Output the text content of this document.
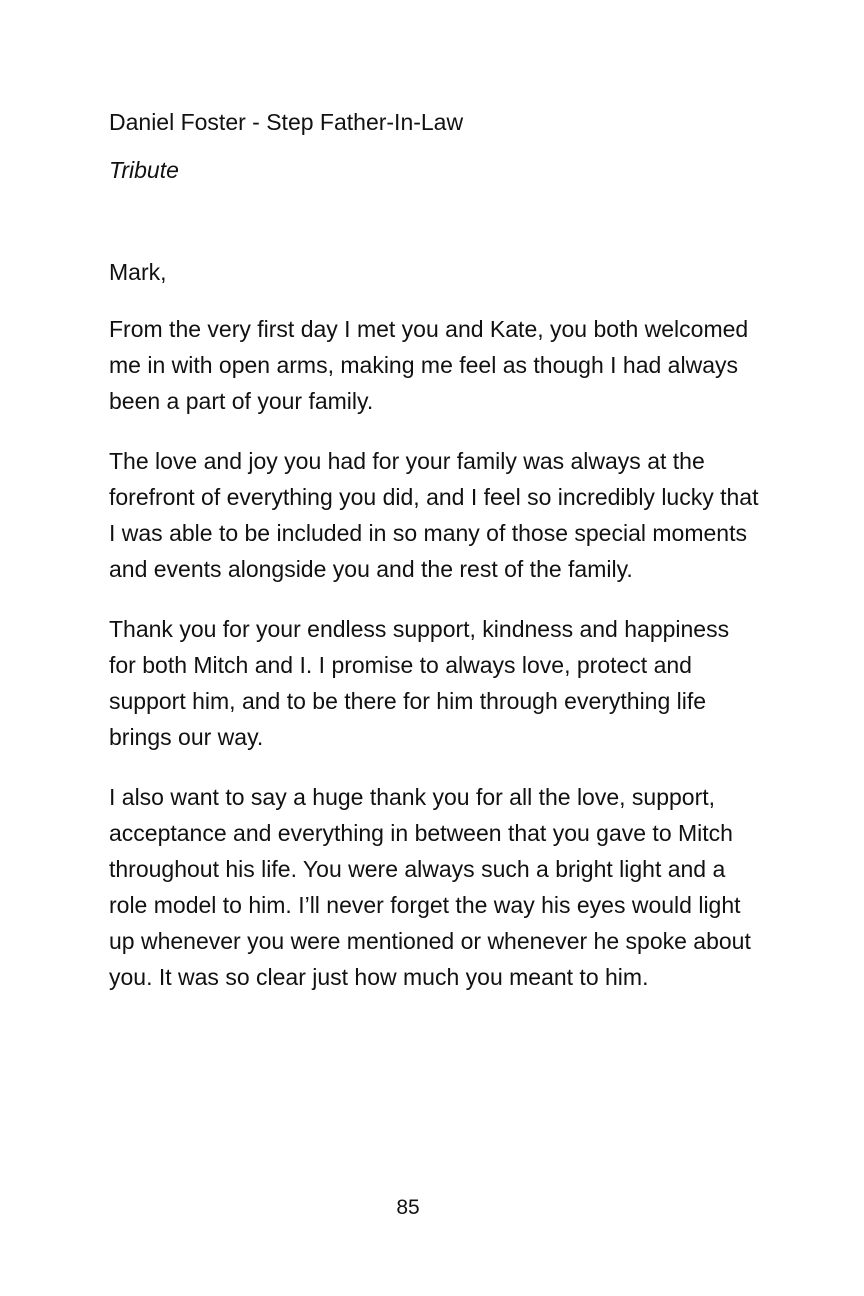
Daniel Foster - Step Father-In-Law

Tribute

Mark,

From the very first day I met you and Kate, you both welcomed me in with open arms, making me feel as though I had always been a part of your family.

The love and joy you had for your family was always at the forefront of everything you did, and I feel so incredibly lucky that I was able to be included in so many of those special moments and events alongside you and the rest of the family.

Thank you for your endless support, kindness and happiness for both Mitch and I. I promise to always love, protect and support him, and to be there for him through everything life brings our way.

I also want to say a huge thank you for all the love, support, acceptance and everything in between that you gave to Mitch throughout his life. You were always such a bright light and a role model to him. I’ll never forget the way his eyes would light up whenever you were mentioned or whenever he spoke about you. It was so clear just how much you meant to him.

85
